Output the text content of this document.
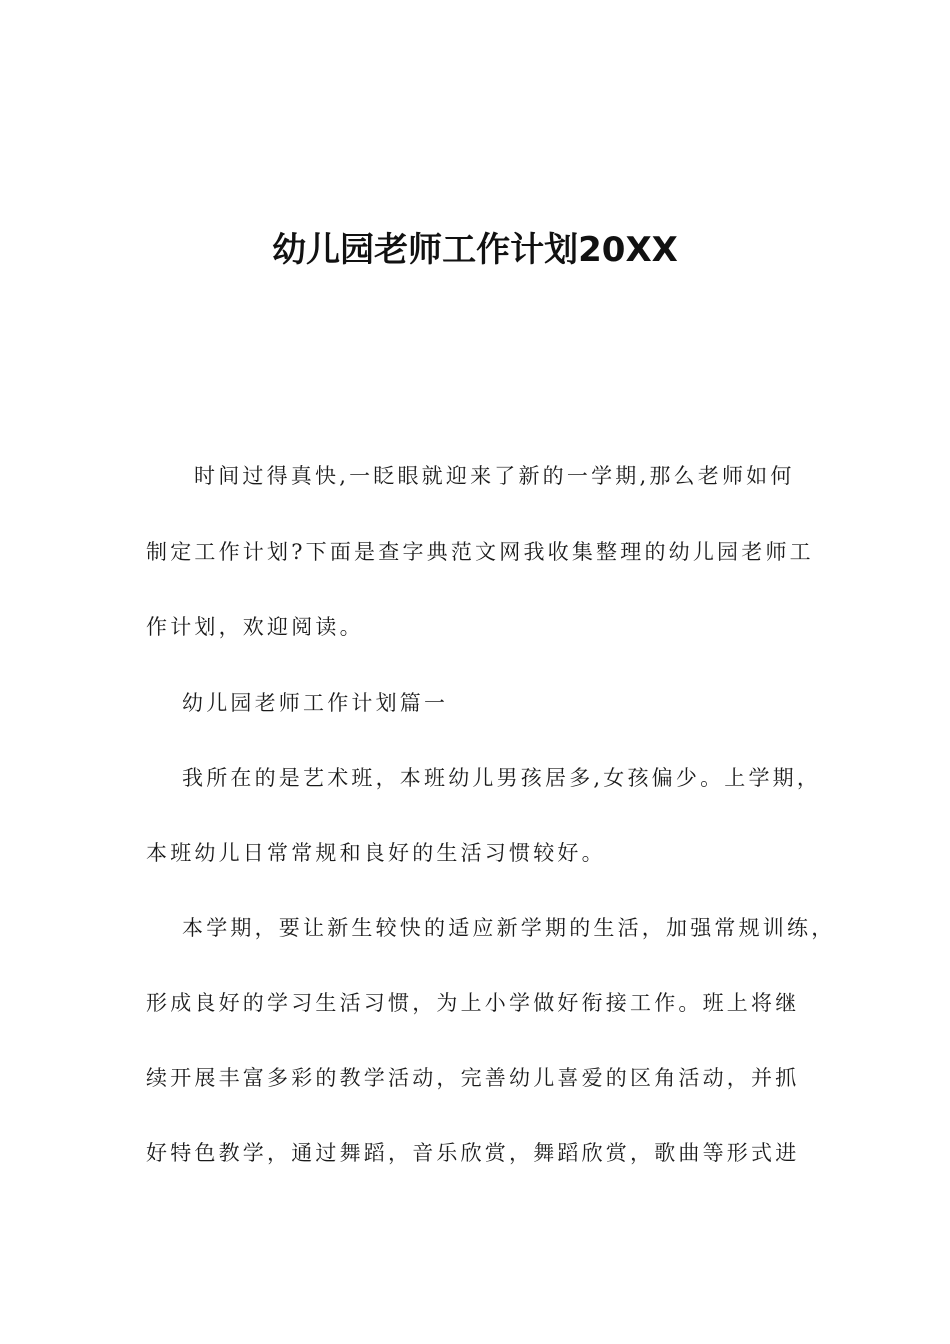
幼儿园老师工作计划20XX
时间过得真快,一眨眼就迎来了新的一学期,那么老师如何
制定工作计划?下面是查字典范文网我收集整理的幼儿园老师工
作计划，欢迎阅读。
幼儿园老师工作计划篇一
我所在的是艺术班，本班幼儿男孩居多,女孩偏少。上学期，
本班幼儿日常常规和良好的生活习惯较好。
本学期，要让新生较快的适应新学期的生活，加强常规训练，
形成良好的学习生活习惯，为上小学做好衔接工作。班上将继
续开展丰富多彩的教学活动，完善幼儿喜爱的区角活动，并抓
好特色教学，通过舞蹈，音乐欣赏，舞蹈欣赏，歌曲等形式进
